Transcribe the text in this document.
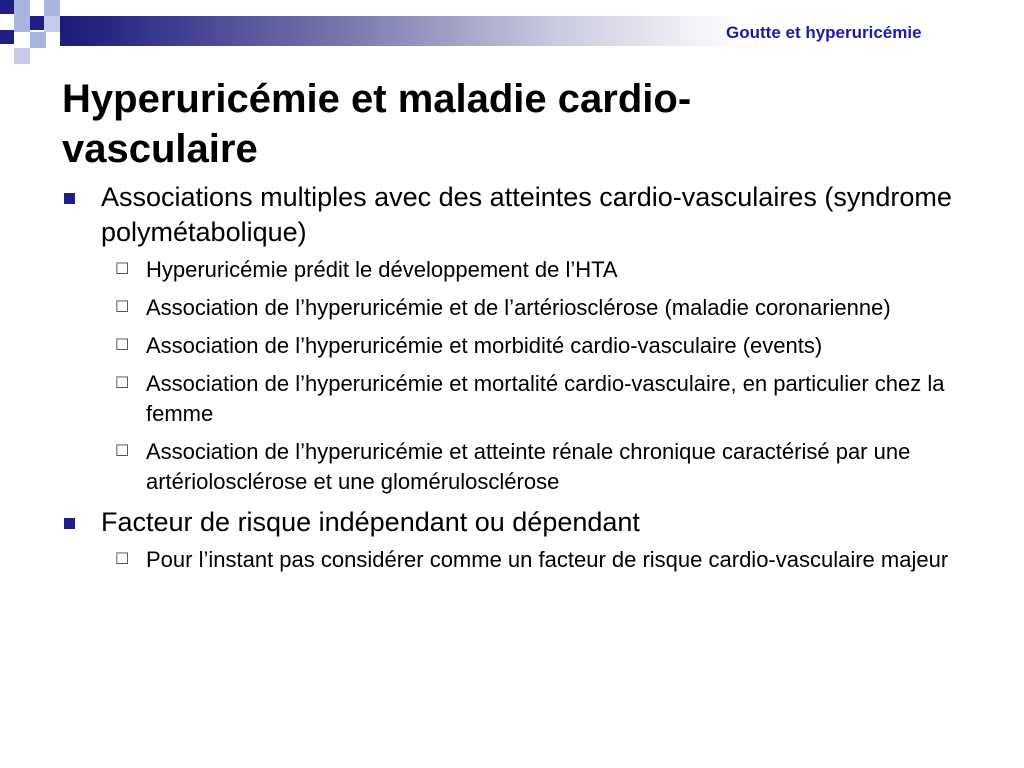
Goutte et hyperuricémie
Hyperuricémie et maladie cardio-vasculaire
Associations multiples avec des atteintes cardio-vasculaires (syndrome polymétabolique)
☐ Hyperuricémie prédit le développement de l’HTA
☐ Association de l’hyperuricémie et de l’artériosclérose (maladie coronarienne)
☐ Association de l’hyperuricémie et morbidité cardio-vasculaire (events)
☐ Association de l’hyperuricémie et mortalité cardio-vasculaire, en particulier chez la femme
☐ Association de l’hyperuricémie et atteinte rénale chronique caractérisé par une artériolosclérose et une glomérulosclérose
Facteur de risque indépendant ou dépendant
☐ Pour l’instant pas considérer comme un facteur de risque cardio-vasculaire majeur
